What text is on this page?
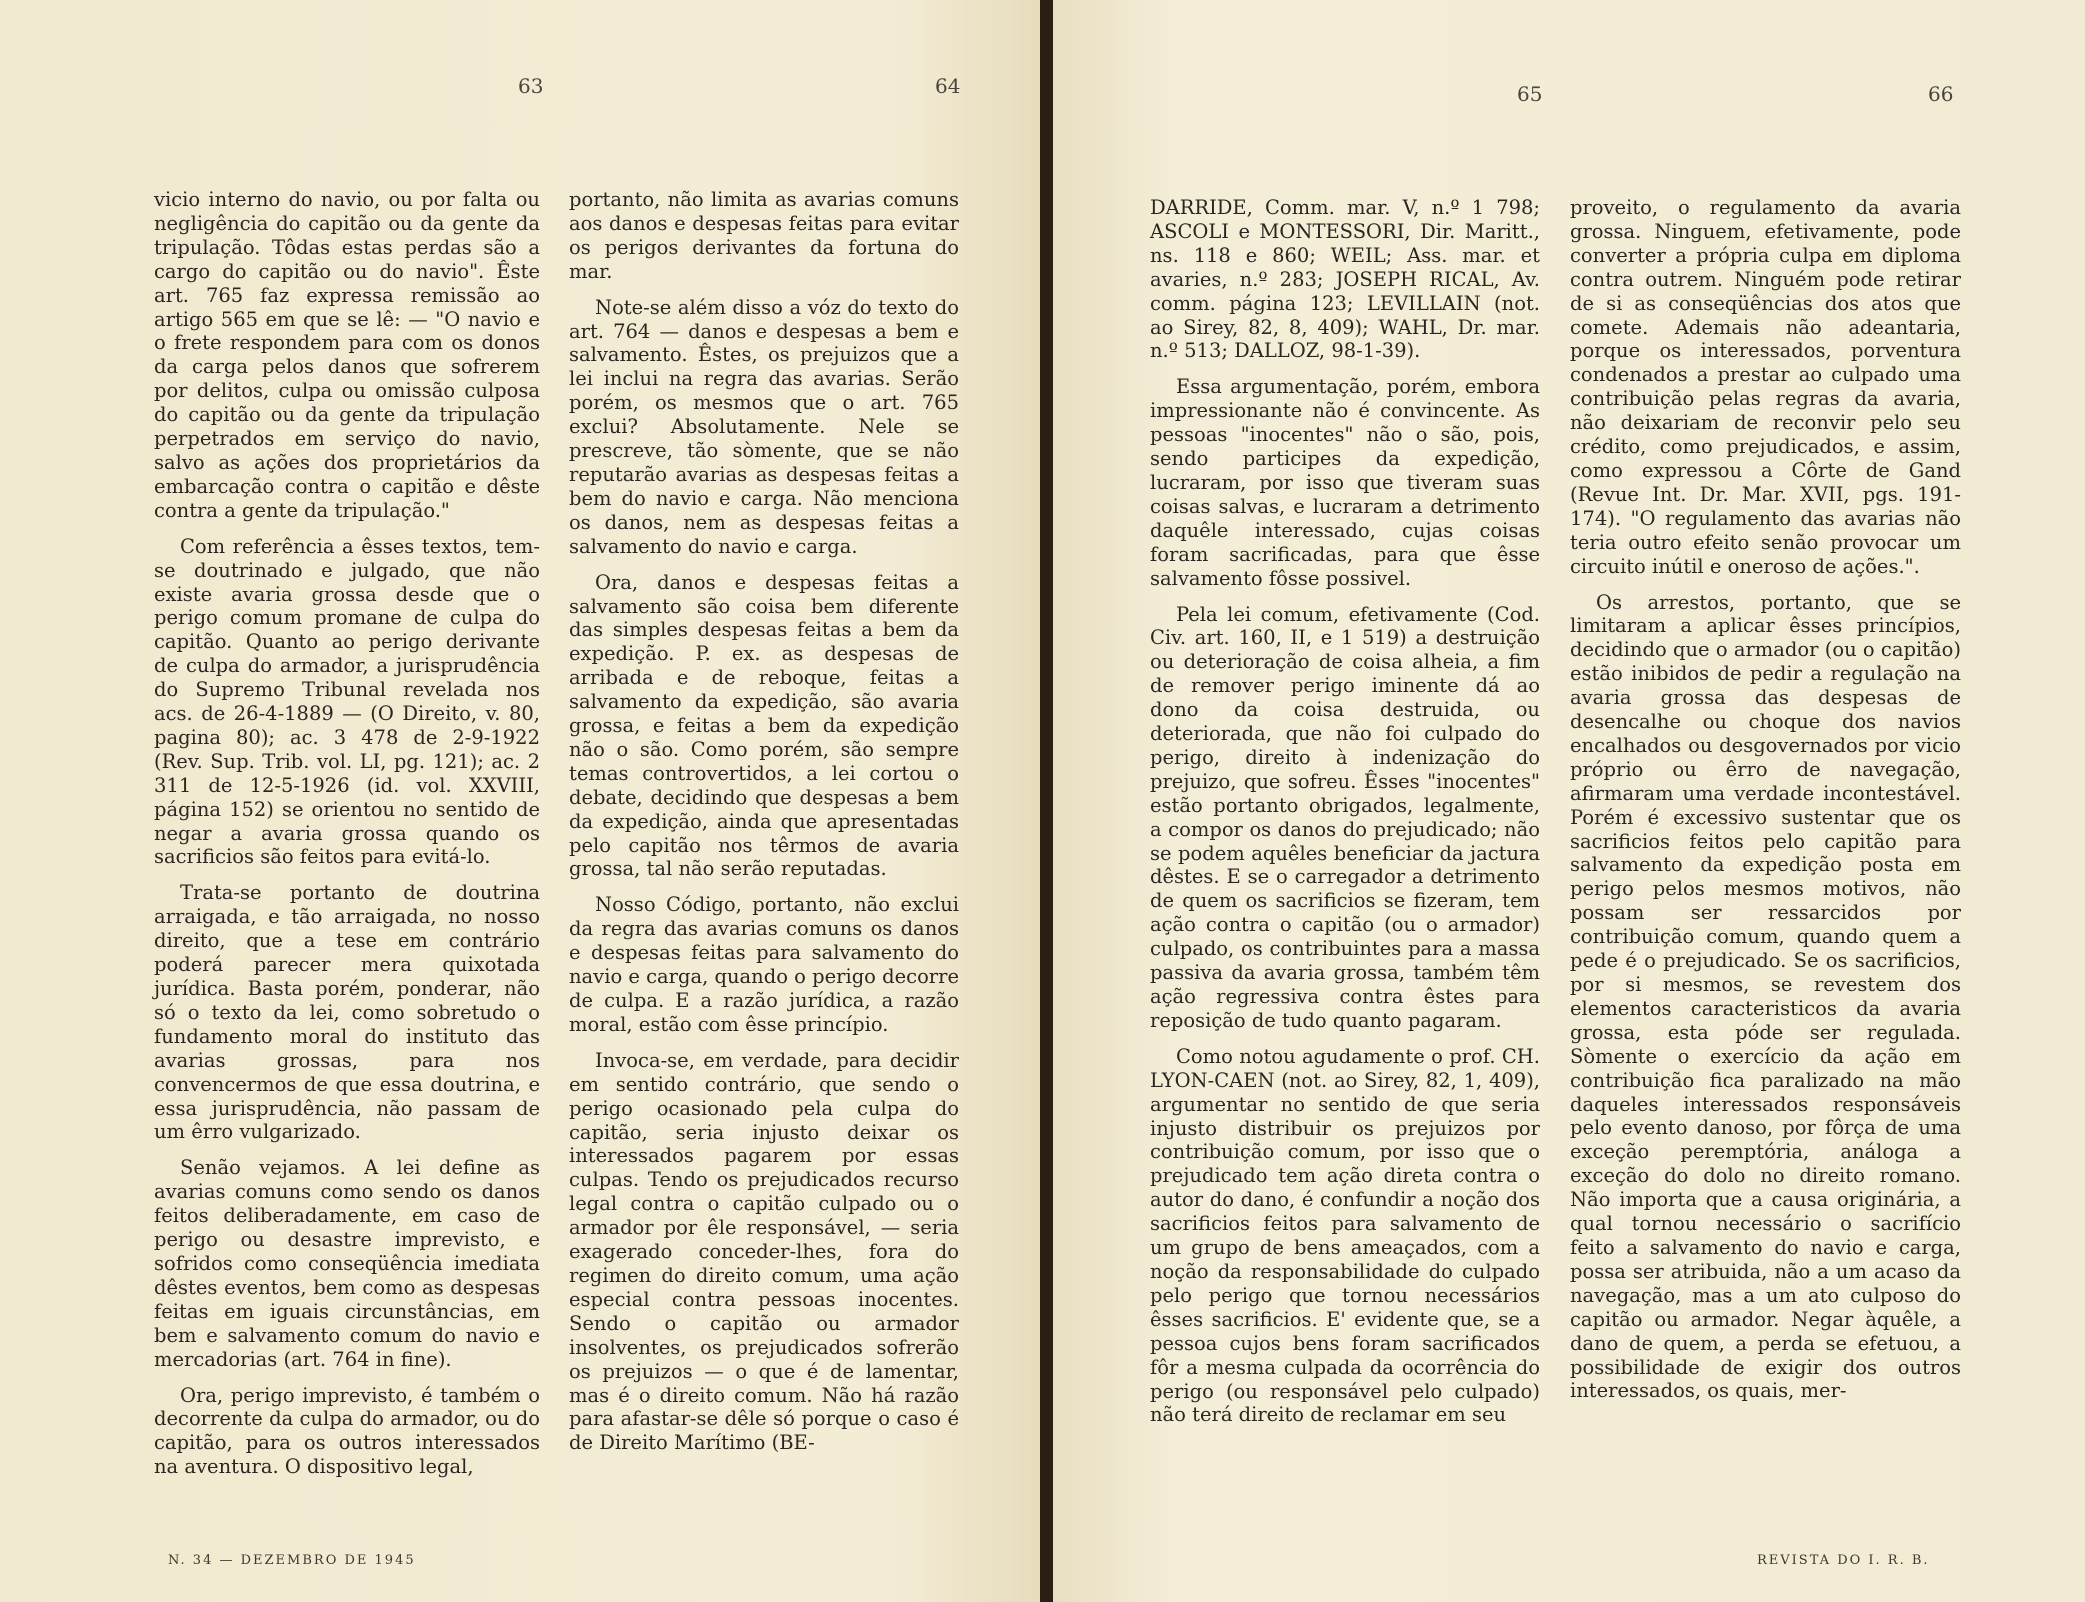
63	64

vicio interno do navio, ou por falta ou negligência do capitão ou da gente da tripulação. Tôdas estas perdas são a cargo do capitão ou do navio". Êste art. 765 faz expressa remissão ao artigo 565 em que se lê: — "O navio e o frete respondem para com os donos da carga pelos danos que sofrerem por delitos, culpa ou omissão culposa do capitão ou da gente da tripulação perpetrados em serviço do navio, salvo as ações dos proprietários da embarcação contra o capitão e dêste contra a gente da tripulação."

Com referência a êsses textos, tem-se doutrinado e julgado, que não existe avaria grossa desde que o perigo comum promane de culpa do capitão. Quanto ao perigo derivante de culpa do armador, a jurisprudência do Supremo Tribunal revelada nos acs. de 26-4-1889 — (O Direito, v. 80, pagina 80); ac. 3 478 de 2-9-1922 (Rev. Sup. Trib. vol. LI, pg. 121); ac. 2 311 de 12-5-1926 (id. vol. XXVIII, página 152) se orientou no sentido de negar a avaria grossa quando os sacrificios são feitos para evitá-lo.

Trata-se portanto de doutrina arraigada, e tão arraigada, no nosso direito, que a tese em contrário poderá parecer mera quixotada jurídica. Basta porém, ponderar, não só o texto da lei, como sobretudo o fundamento moral do instituto das avarias grossas, para nos convencermos de que essa doutrina, e essa jurisprudência, não passam de um êrro vulgarizado.

Senão vejamos. A lei define as avarias comuns como sendo os danos feitos deliberadamente, em caso de perigo ou desastre imprevisto, e sofridos como conseqüência imediata dêstes eventos, bem como as despesas feitas em iguais circunstâncias, em bem e salvamento comum do navio e mercadorias (art. 764 in fine).

Ora, perigo imprevisto, é também o decorrente da culpa do armador, ou do capitão, para os outros interessados na aventura. O dispositivo legal,

portanto, não limita as avarias comuns aos danos e despesas feitas para evitar os perigos derivantes da fortuna do mar.

Note-se além disso a vóz do texto do art. 764 — danos e despesas a bem e salvamento. Êstes, os prejuizos que a lei inclui na regra das avarias. Serão porém, os mesmos que o art. 765 exclui? Absolutamente. Nele se prescreve, tão sòmente, que se não reputarão avarias as despesas feitas a bem do navio e carga. Não menciona os danos, nem as despesas feitas a salvamento do navio e carga.

Ora, danos e despesas feitas a salvamento são coisa bem diferente das simples despesas feitas a bem da expedição. P. ex. as despesas de arribada e de reboque, feitas a salvamento da expedição, são avaria grossa, e feitas a bem da expedição não o são. Como porém, são sempre temas controvertidos, a lei cortou o debate, decidindo que despesas a bem da expedição, ainda que apresentadas pelo capitão nos têrmos de avaria grossa, tal não serão reputadas.

Nosso Código, portanto, não exclui da regra das avarias comuns os danos e despesas feitas para salvamento do navio e carga, quando o perigo decorre de culpa. E a razão jurídica, a razão moral, estão com êsse princípio.

Invoca-se, em verdade, para decidir em sentido contrário, que sendo o perigo ocasionado pela culpa do capitão, seria injusto deixar os interessados pagarem por essas culpas. Tendo os prejudicados recurso legal contra o capitão culpado ou o armador por êle responsável, — seria exagerado conceder-lhes, fora do regimen do direito comum, uma ação especial contra pessoas inocentes. Sendo o capitão ou armador insolventes, os prejudicados sofrerão os prejuizos — o que é de lamentar, mas é o direito comum. Não há razão para afastar-se dêle só porque o caso é de Direito Marítimo (BE-

N. 34 — DEZEMBRO DE 1945
65	66

DARRIDE, Comm. mar. V, n.º 1 798; ASCOLI e MONTESSORI, Dir. Maritt., ns. 118 e 860; WEIL; Ass. mar. et avaries, n.º 283; JOSEPH RICAL, Av. comm. página 123; LEVILLAIN (not. ao Sirey, 82, 8, 409); WAHL, Dr. mar. n.º 513; DALLOZ, 98-1-39).

Essa argumentação, porém, embora impressionante não é convincente. As pessoas "inocentes" não o são, pois, sendo participes da expedição, lucraram, por isso que tiveram suas coisas salvas, e lucraram a detrimento daquêle interessado, cujas coisas foram sacrificadas, para que êsse salvamento fôsse possivel.

Pela lei comum, efetivamente (Cod. Civ. art. 160, II, e 1 519) a destruição ou deterioração de coisa alheia, a fim de remover perigo iminente dá ao dono da coisa destruida, ou deteriorada, que não foi culpado do perigo, direito à indenização do prejuizo, que sofreu. Êsses "inocentes" estão portanto obrigados, legalmente, a compor os danos do prejudicado; não se podem aquêles beneficiar da jactura dêstes. E se o carregador a detrimento de quem os sacrificios se fizeram, tem ação contra o capitão (ou o armador) culpado, os contribuintes para a massa passiva da avaria grossa, também têm ação regressiva contra êstes para reposição de tudo quanto pagaram.

Como notou agudamente o prof. CH. LYON-CAEN (not. ao Sirey, 82, 1, 409), argumentar no sentido de que seria injusto distribuir os prejuizos por contribuição comum, por isso que o prejudicado tem ação direta contra o autor do dano, é confundir a noção dos sacrificios feitos para salvamento de um grupo de bens ameaçados, com a noção da responsabilidade do culpado pelo perigo que tornou necessários êsses sacrificios. E' evidente que, se a pessoa cujos bens foram sacrificados fôr a mesma culpada da ocorrência do perigo (ou responsável pelo culpado) não terá direito de reclamar em seu

proveito, o regulamento da avaria grossa. Ninguem, efetivamente, pode converter a própria culpa em diploma contra outrem. Ninguém pode retirar de si as conseqüências dos atos que comete. Ademais não adeantaria, porque os interessados, porventura condenados a prestar ao culpado uma contribuição pelas regras da avaria, não deixariam de reconvir pelo seu crédito, como prejudicados, e assim, como expressou a Côrte de Gand (Revue Int. Dr. Mar. XVII, pgs. 191-174). "O regulamento das avarias não teria outro efeito senão provocar um circuito inútil e oneroso de ações.".

Os arrestos, portanto, que se limitaram a aplicar êsses princípios, decidindo que o armador (ou o capitão) estão inibidos de pedir a regulação na avaria grossa das despesas de desencalhe ou choque dos navios encalhados ou desgovernados por vicio próprio ou êrro de navegação, afirmaram uma verdade incontestável. Porém é excessivo sustentar que os sacrificios feitos pelo capitão para salvamento da expedição posta em perigo pelos mesmos motivos, não possam ser ressarcidos por contribuição comum, quando quem a pede é o prejudicado. Se os sacrificios, por si mesmos, se revestem dos elementos caracteristicos da avaria grossa, esta póde ser regulada. Sòmente o exercício da ação em contribuição fica paralizado na mão daqueles interessados responsáveis pelo evento danoso, por fôrça de uma exceção peremptória, análoga a exceção do dolo no direito romano. Não importa que a causa originária, a qual tornou necessário o sacrifício feito a salvamento do navio e carga, possa ser atribuida, não a um acaso da navegação, mas a um ato culposo do capitão ou armador. Negar àquêle, a dano de quem, a perda se efetuou, a possibilidade de exigir dos outros interessados, os quais, mer-

REVISTA DO I. R. B.
